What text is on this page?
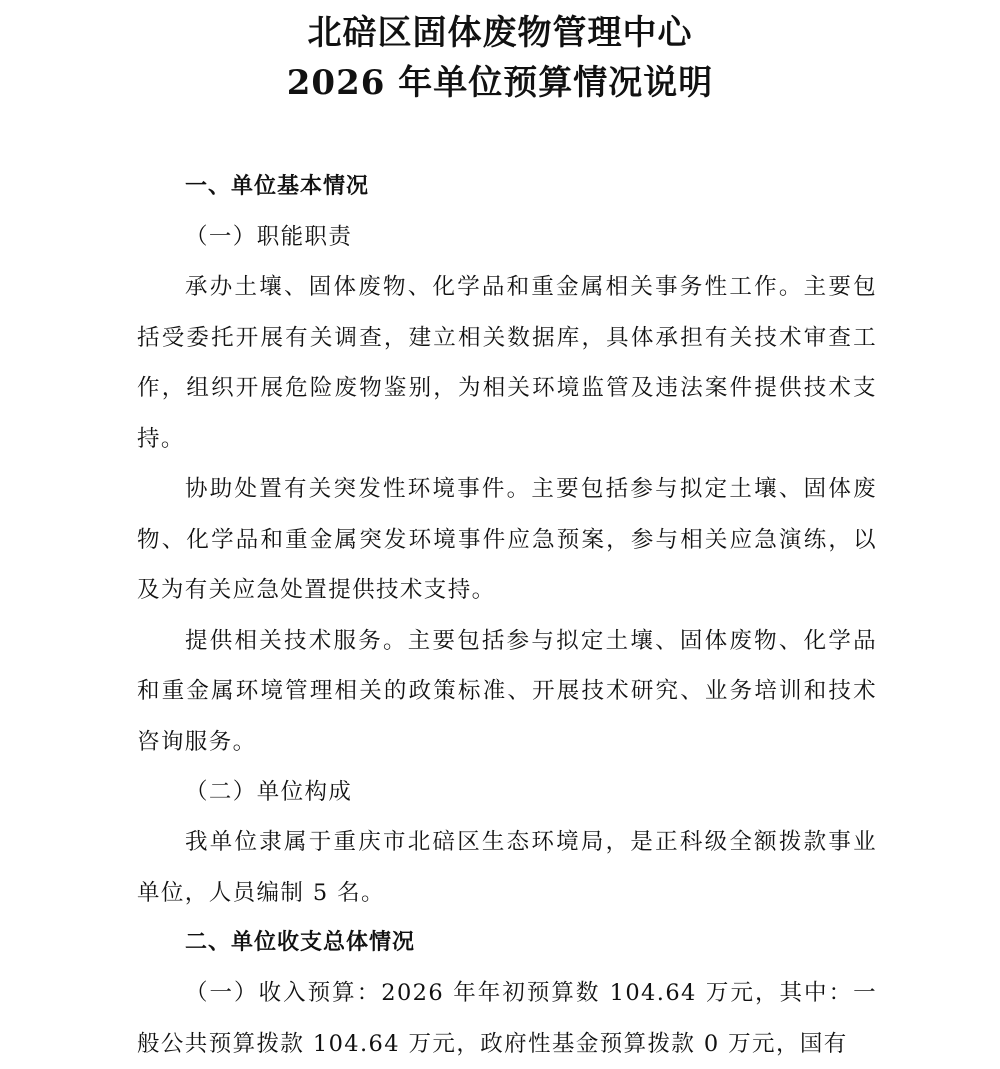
北碚区固体废物管理中心

2026 年单位预算情况说明

一、单位基本情况

（一）职能职责

承办土壤、固体废物、化学品和重金属相关事务性工作。主要包括受委托开展有关调查，建立相关数据库，具体承担有关技术审查工作，组织开展危险废物鉴别，为相关环境监管及违法案件提供技术支持。

协助处置有关突发性环境事件。主要包括参与拟定土壤、固体废物、化学品和重金属突发环境事件应急预案，参与相关应急演练，以及为有关应急处置提供技术支持。

提供相关技术服务。主要包括参与拟定土壤、固体废物、化学品和重金属环境管理相关的政策标准、开展技术研究、业务培训和技术咨询服务。

（二）单位构成

我单位隶属于重庆市北碚区生态环境局，是正科级全额拨款事业单位，人员编制 5 名。

二、单位收支总体情况

（一）收入预算：2026 年年初预算数 104.64 万元，其中：一般公共预算拨款 104.64 万元，政府性基金预算拨款 0 万元，国有
